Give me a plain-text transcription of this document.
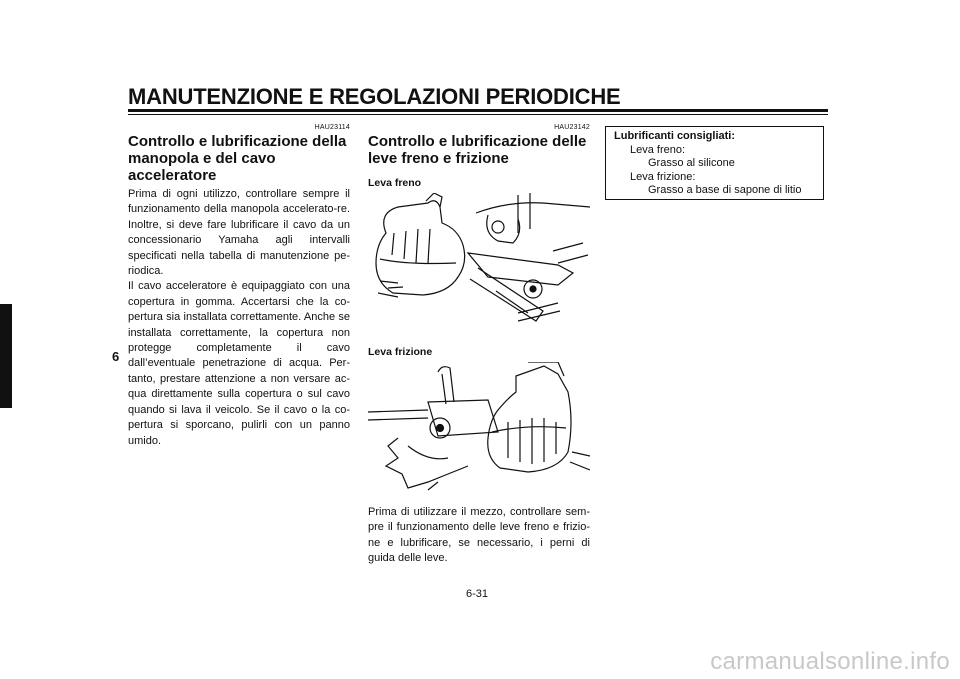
MANUTENZIONE E REGOLAZIONI PERIODICHE
6

HAU23114

Controllo e lubrificazione della manopola e del cavo acceleratore

Prima di ogni utilizzo, controllare sempre il funzionamento della manopola accelerato-re. Inoltre, si deve fare lubrificare il cavo da un concessionario Yamaha agli intervalli specificati nella tabella di manutenzione pe-riodica.

Il cavo acceleratore è equipaggiato con una copertura in gomma. Accertarsi che la co-pertura sia installata correttamente. Anche se installata correttamente, la copertura non protegge completamente il cavo dall’eventuale penetrazione di acqua. Per-tanto, prestare attenzione a non versare ac-qua direttamente sulla copertura o sul cavo quando si lava il veicolo. Se il cavo o la co-pertura si sporcano, pulirli con un panno umido.

HAU23142

Controllo e lubrificazione delle leve freno e frizione

Leva freno

Leva frizione

Prima di utilizzare il mezzo, controllare sem-pre il funzionamento delle leve freno e frizio-ne e lubrificare, se necessario, i perni di guida delle leve.

Lubrificanti consigliati:
Leva freno:
Grasso al silicone
Leva frizione:
Grasso a base di sapone di litio
6-31
carmanualsonline.info
